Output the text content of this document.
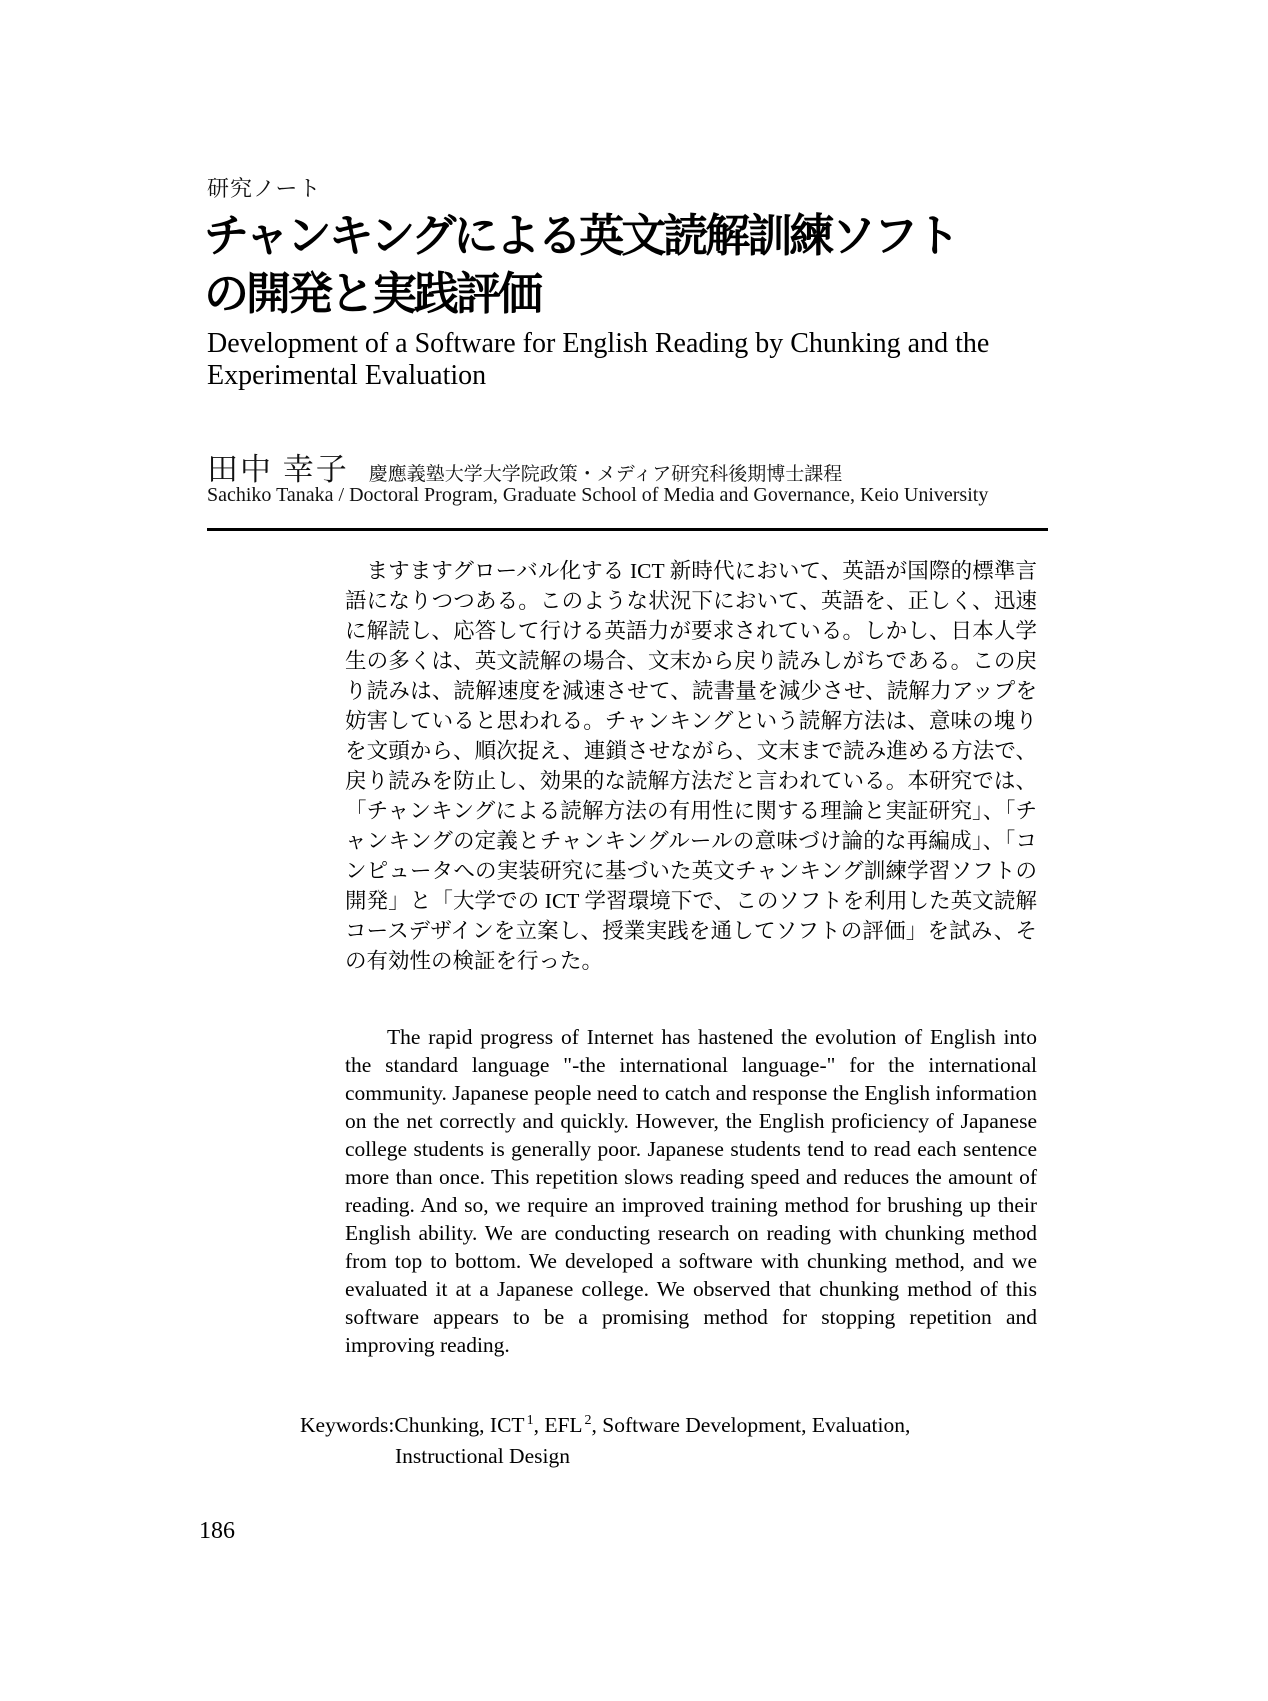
研究ノート
チャンキングによる英文読解訓練ソフト
の開発と実践評価
Development of a Software for English Reading by Chunking and the Experimental Evaluation
田中 幸子 慶應義塾大学大学院政策・メディア研究科後期博士課程
Sachiko Tanaka / Doctoral Program, Graduate School of Media and Governance, Keio University
ますますグローバル化する ICT 新時代において、英語が国際的標準言語になりつつある。このような状況下において、英語を、正しく、迅速に解読し、応答して行ける英語力が要求されている。しかし、日本人学生の多くは、英文読解の場合、文末から戻り読みしがちである。この戻り読みは、読解速度を減速させて、読書量を減少させ、読解力アップを妨害していると思われる。チャンキングという読解方法は、意味の塊りを文頭から、順次捉え、連鎖させながら、文末まで読み進める方法で、戻り読みを防止し、効果的な読解方法だと言われている。本研究では、「チャンキングによる読解方法の有用性に関する理論と実証研究」、「チャンキングの定義とチャンキングルールの意味づけ論的な再編成」、「コンピュータへの実装研究に基づいた英文チャンキング訓練学習ソフトの開発」と「大学での ICT 学習環境下で、このソフトを利用した英文読解コースデザインを立案し、授業実践を通してソフトの評価」を試み、その有効性の検証を行った。
The rapid progress of Internet has hastened the evolution of English into the standard language "-the international language-" for the international community. Japanese people need to catch and response the English information on the net correctly and quickly. However, the English proficiency of Japanese college students is generally poor. Japanese students tend to read each sentence more than once. This repetition slows reading speed and reduces the amount of reading. And so, we require an improved training method for brushing up their English ability. We are conducting research on reading with chunking method from top to bottom. We developed a software with chunking method, and we evaluated it at a Japanese college. We observed that chunking method of this software appears to be a promising method for stopping repetition and improving reading.
Keywords:Chunking, ICT $^1$, EFL $^2$, Software Development, Evaluation,
Instructional Design
186
